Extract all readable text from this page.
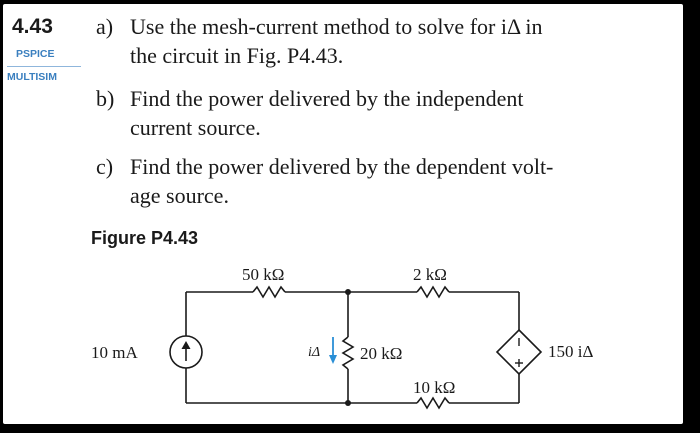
4.43
PSPICE
MULTISIM
a) Use the mesh-current method to solve for iΔ in
the circuit in Fig. P4.43.
b) Find the power delivered by the independent
current source.
c) Find the power delivered by the dependent volt-
age source.
Figure P4.43
50 kΩ	2 kΩ
10 mA	20 kΩ
10 kΩ
150 iΔ
iΔ
